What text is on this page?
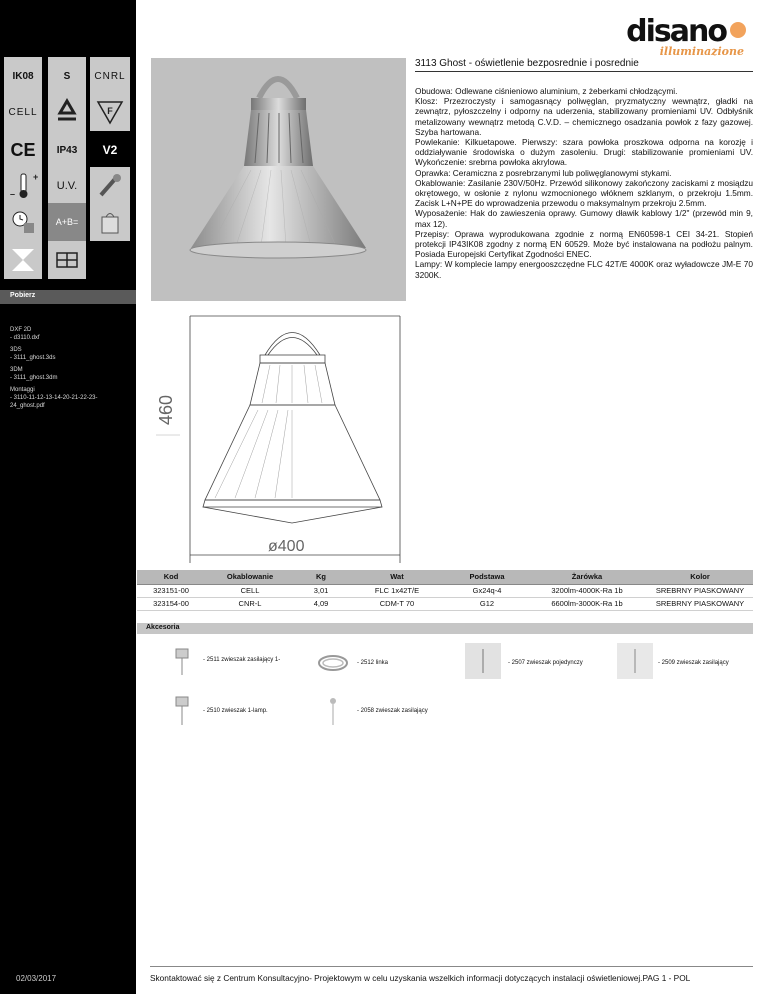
IK08	S CNRL
CELL	F
CE IP43 V2
+
–
U.V.
A+B=
Pobierz
DXF 2D
- d3110.dxf
3DS
- 3111_ghost.3ds
3DM
- 3111_ghost.3dm
Montaggi
- 3110-11-12-13-14-20-21-22-23-24_ghost.pdf
02/03/2017
disano
illuminazione
3113 Ghost - oświetlenie bezposrednie i posrednie

Obudowa: Odlewane ciśnieniowo aluminium, z żeberkami chłodzącymi.

Klosz: Przezroczysty i samogasnący poliwęglan, pryzmatyczny wewnątrz, gładki na zewnątrz, pyłoszczelny i odporny na uderzenia, stabilizowany promieniami UV. Odbłyśnik metalizowany wewnątrz metodą C.V.D. – chemicznego osadzania powłok z fazy gazowej. Szyba hartowana.

Powlekanie: Kilkuetapowe. Pierwszy: szara powłoka proszkowa odporna na korozję i oddziaływanie środowiska o dużym zasoleniu. Drugi: stabilizowanie promieniami UV. Wykończenie: srebrna powłoka akrylowa.

Oprawka: Ceramiczna z posrebrzanymi lub poliwęglanowymi stykami.

Okablowanie: Zasilanie 230V/50Hz. Przewód silikonowy zakończony zaciskami z mosiądzu okrętowego, w osłonie z nylonu wzmocnionego włóknem szklanym, o przekroju 1.5mm. Zacisk L+N+PE do wprowadzenia przewodu o maksymalnym przekroju 2.5mm.

Wyposażenie: Hak do zawieszenia oprawy. Gumowy dławik kablowy 1/2" (przewód min 9, max 12).

Przepisy: Oprawa wyprodukowana zgodnie z normą EN60598-1 CEI 34-21. Stopień protekcji IP43IK08 zgodny z normą EN 60529. Może być instalowana na podłożu palnym. Posiada Europejski Certyfikat Zgodności ENEC.

Lampy: W komplecie lampy energooszczędne FLC 42T/E 4000K oraz wyładowcze JM-E 70 3200K.

460
ø400
Kod	Okablowanie	Kg	Wat	Podstawa	Żarówka	Kolor
323151-00	CELL	3,01	FLC 1x42T/E	Gx24q-4	3200lm-4000K-Ra 1b	SREBRNY PIASKOWANY
323154-00	CNR-L	4,09	CDM-T 70	G12	6600lm-3000K-Ra 1b	SREBRNY PIASKOWANY
Akcesoria
- 2511 zwieszak zasilający 1-	- 2512 linka	- 2507 zwieszak pojedynczy	- 2509 zwieszak zasilający
- 2510 zwieszak 1-lamp.	- 2058 zwieszak zasilający
Skontaktować się z Centrum Konsultacyjno- Projektowym w celu uzyskania wszelkich informacji dotyczących instalacji oświetleniowej.PAG 1 - POL
